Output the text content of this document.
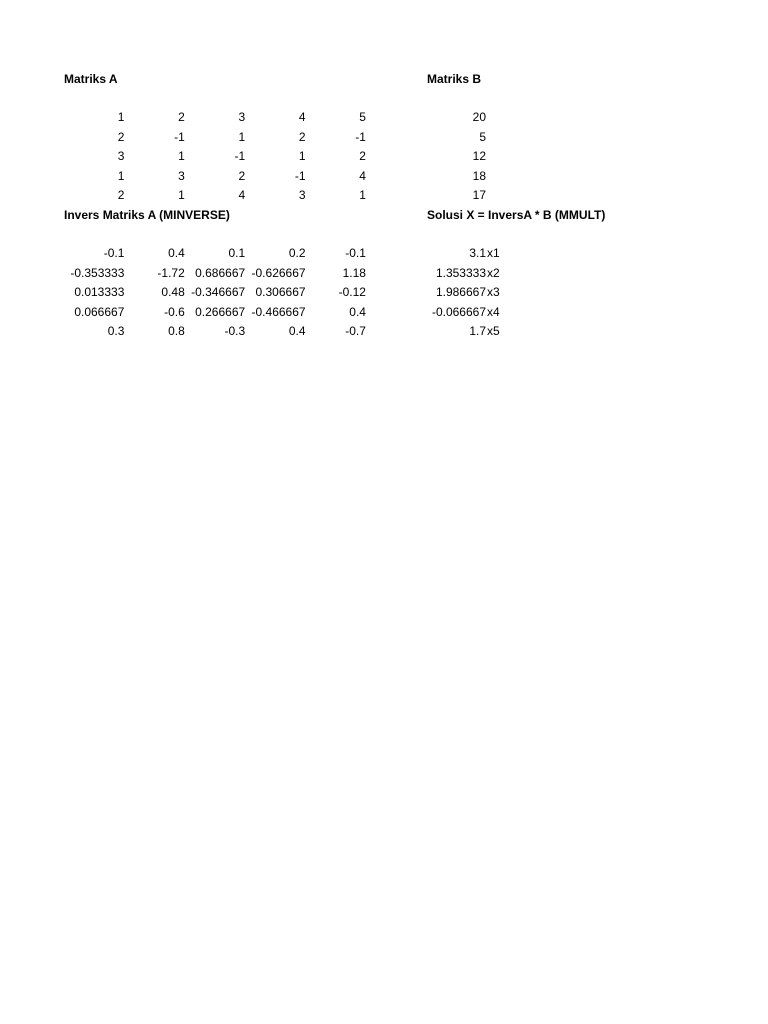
Matriks A
1	2	3	4	5
2	-1	1	2	-1
3	1	-1	1	2
1	3	2	-1	4
2	1	4	3	1
Matriks B
20
5
12
18
17
Invers Matriks A (MINVERSE)
-0.1	0.4	0.1	0.2	-0.1
-0.353333	-1.72 0.686667 -0.626667	1.18
0.013333	0.48 -0.346667 0.306667	-0.12
0.066667	-0.6 0.266667 -0.466667	0.4
0.3	0.8	-0.3	0.4	-0.7
Solusi X = InversA * B (MMULT)
3.1x1
1.353333x2
1.986667x3
-0.066667x4
1.7x5
